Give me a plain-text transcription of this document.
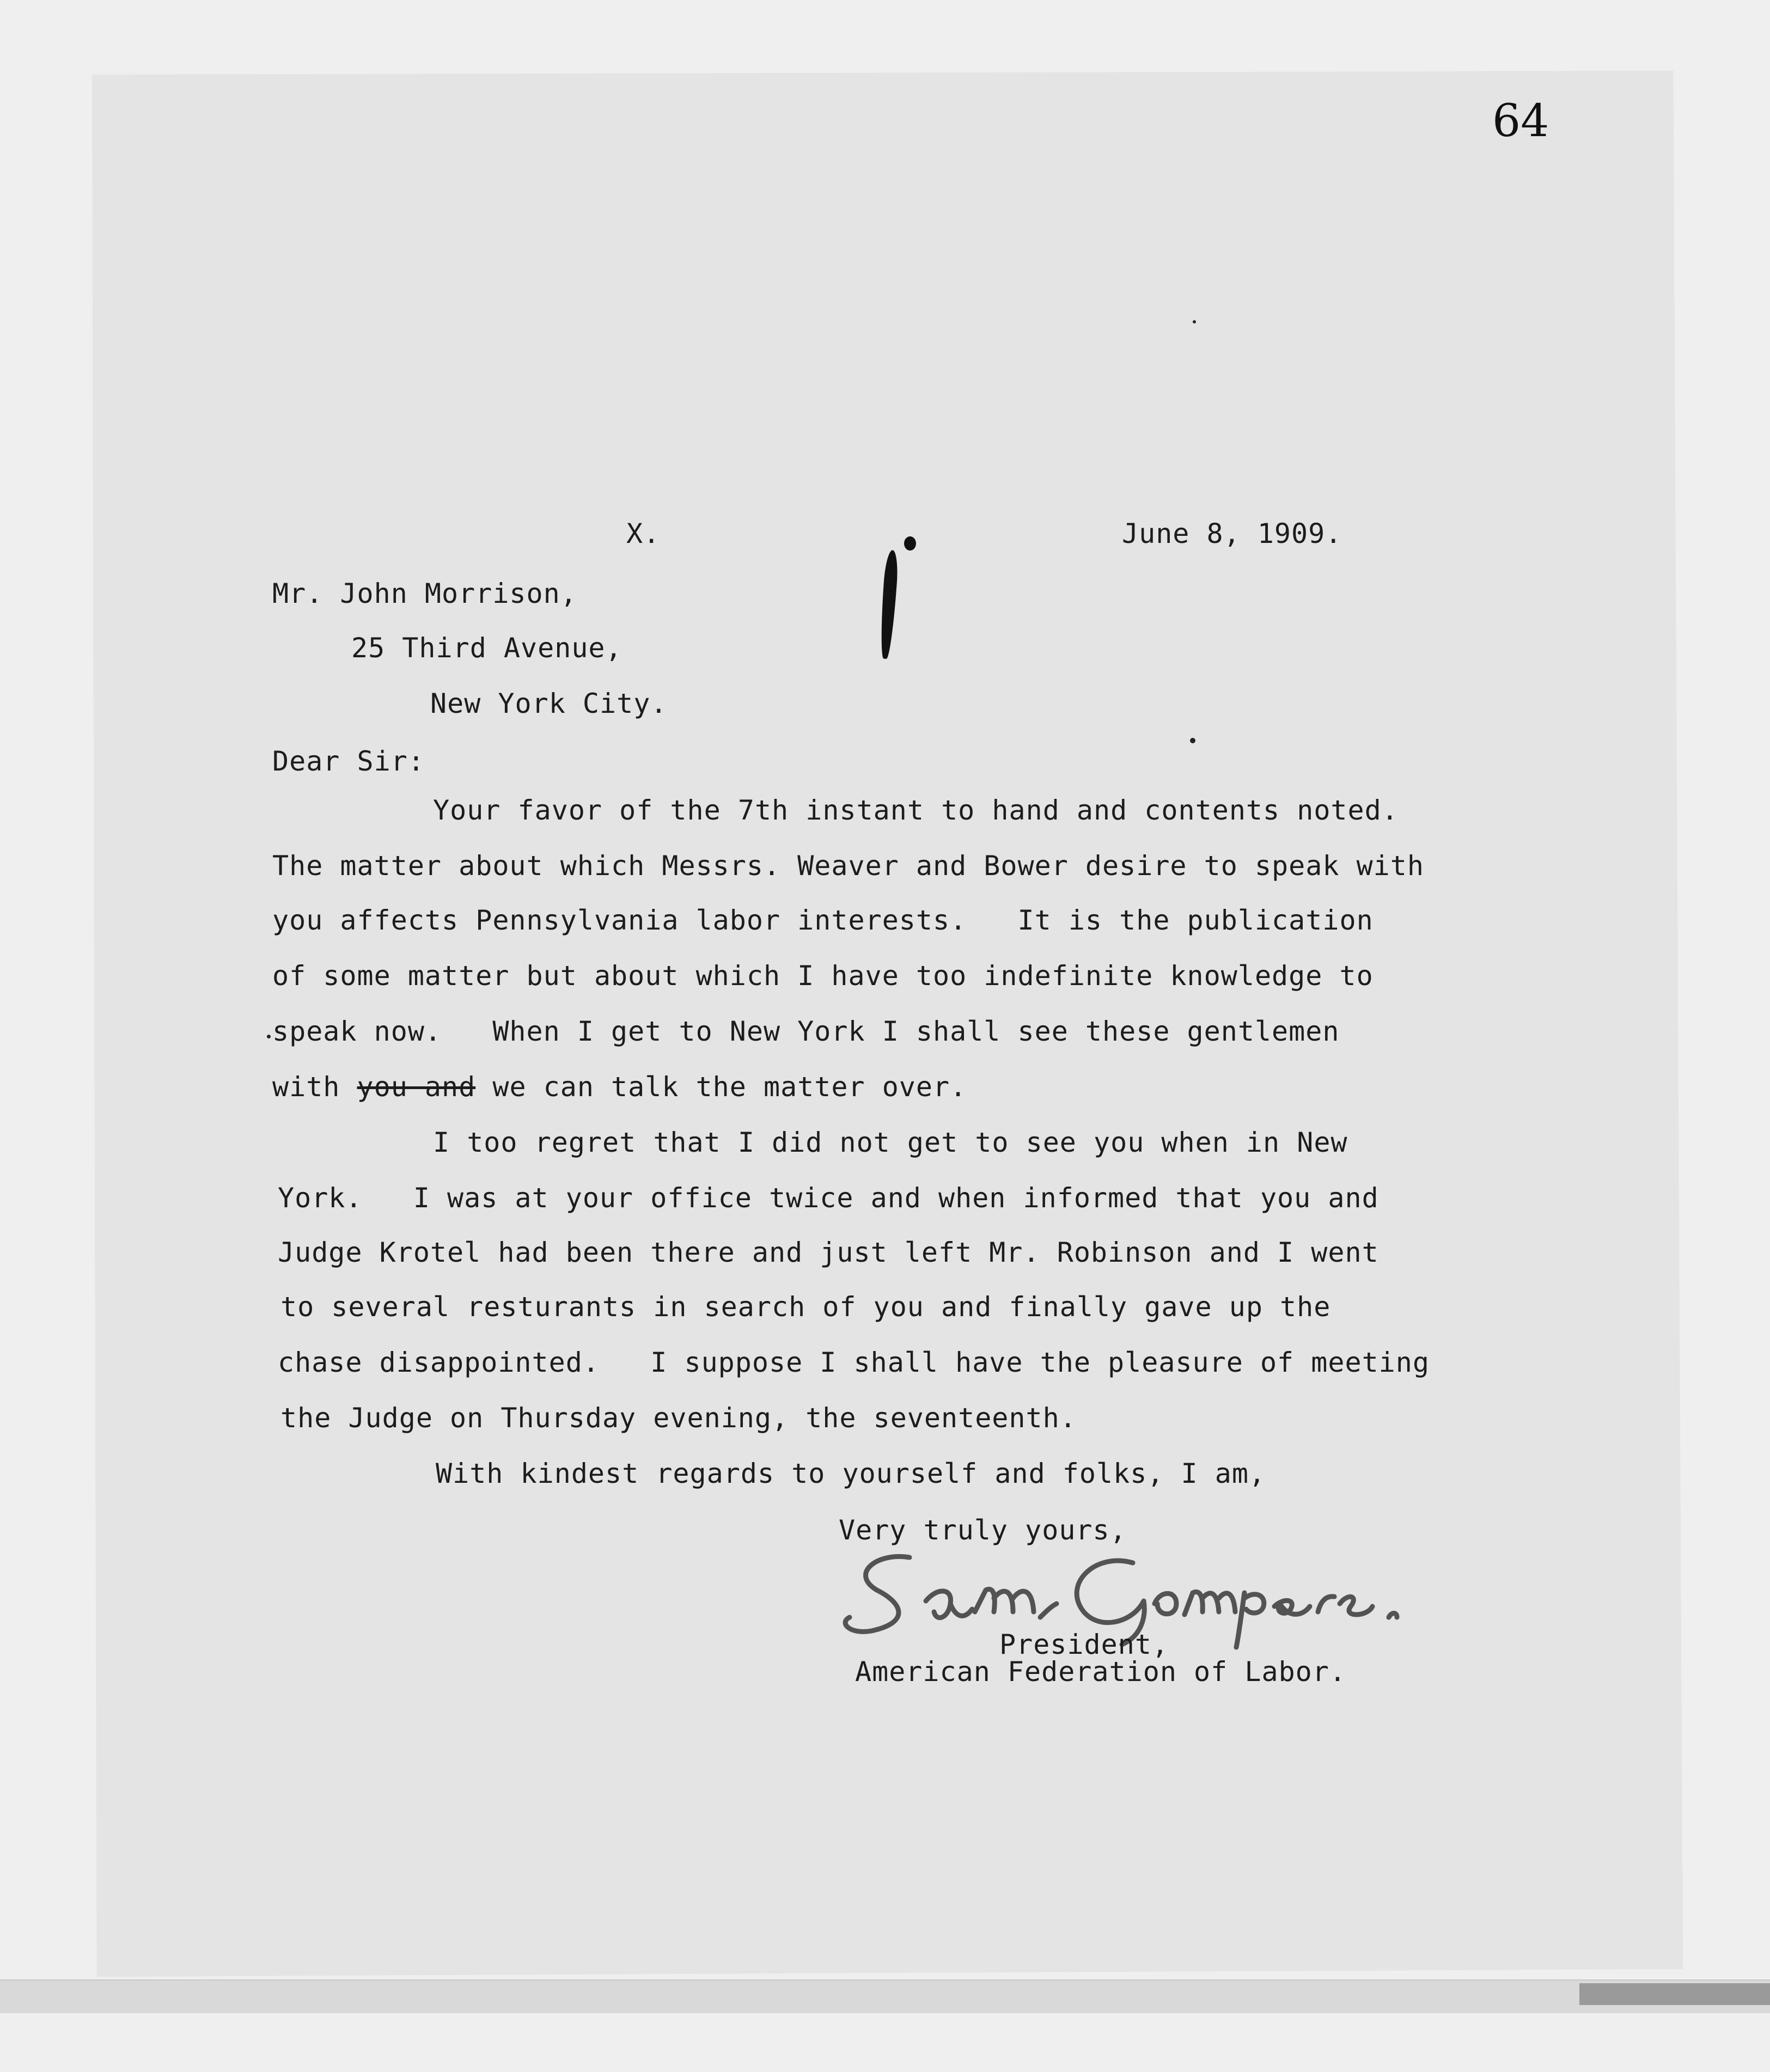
64
X.	June 8, 1909.
Mr. John Morrison,
25 Third Avenue,
New York City.
Dear Sir:
Your favor of the 7th instant to hand and contents noted.
The matter about which Messrs. Weaver and Bower desire to speak with
you affects Pennsylvania labor interests.   It is the publication
of some matter but about which I have too indefinite knowledge to
speak now.   When I get to New York I shall see these gentlemen
with you and we can talk the matter over.
I too regret that I did not get to see you when in New
York.   I was at your office twice and when informed that you and
Judge Krotel had been there and just left Mr. Robinson and I went
to several resturants in search of you and finally gave up the
chase disappointed.   I suppose I shall have the pleasure of meeting
the Judge on Thursday evening, the seventeenth.
With kindest regards to yourself and folks, I am,
Very truly yours,
President,
American Federation of Labor.
